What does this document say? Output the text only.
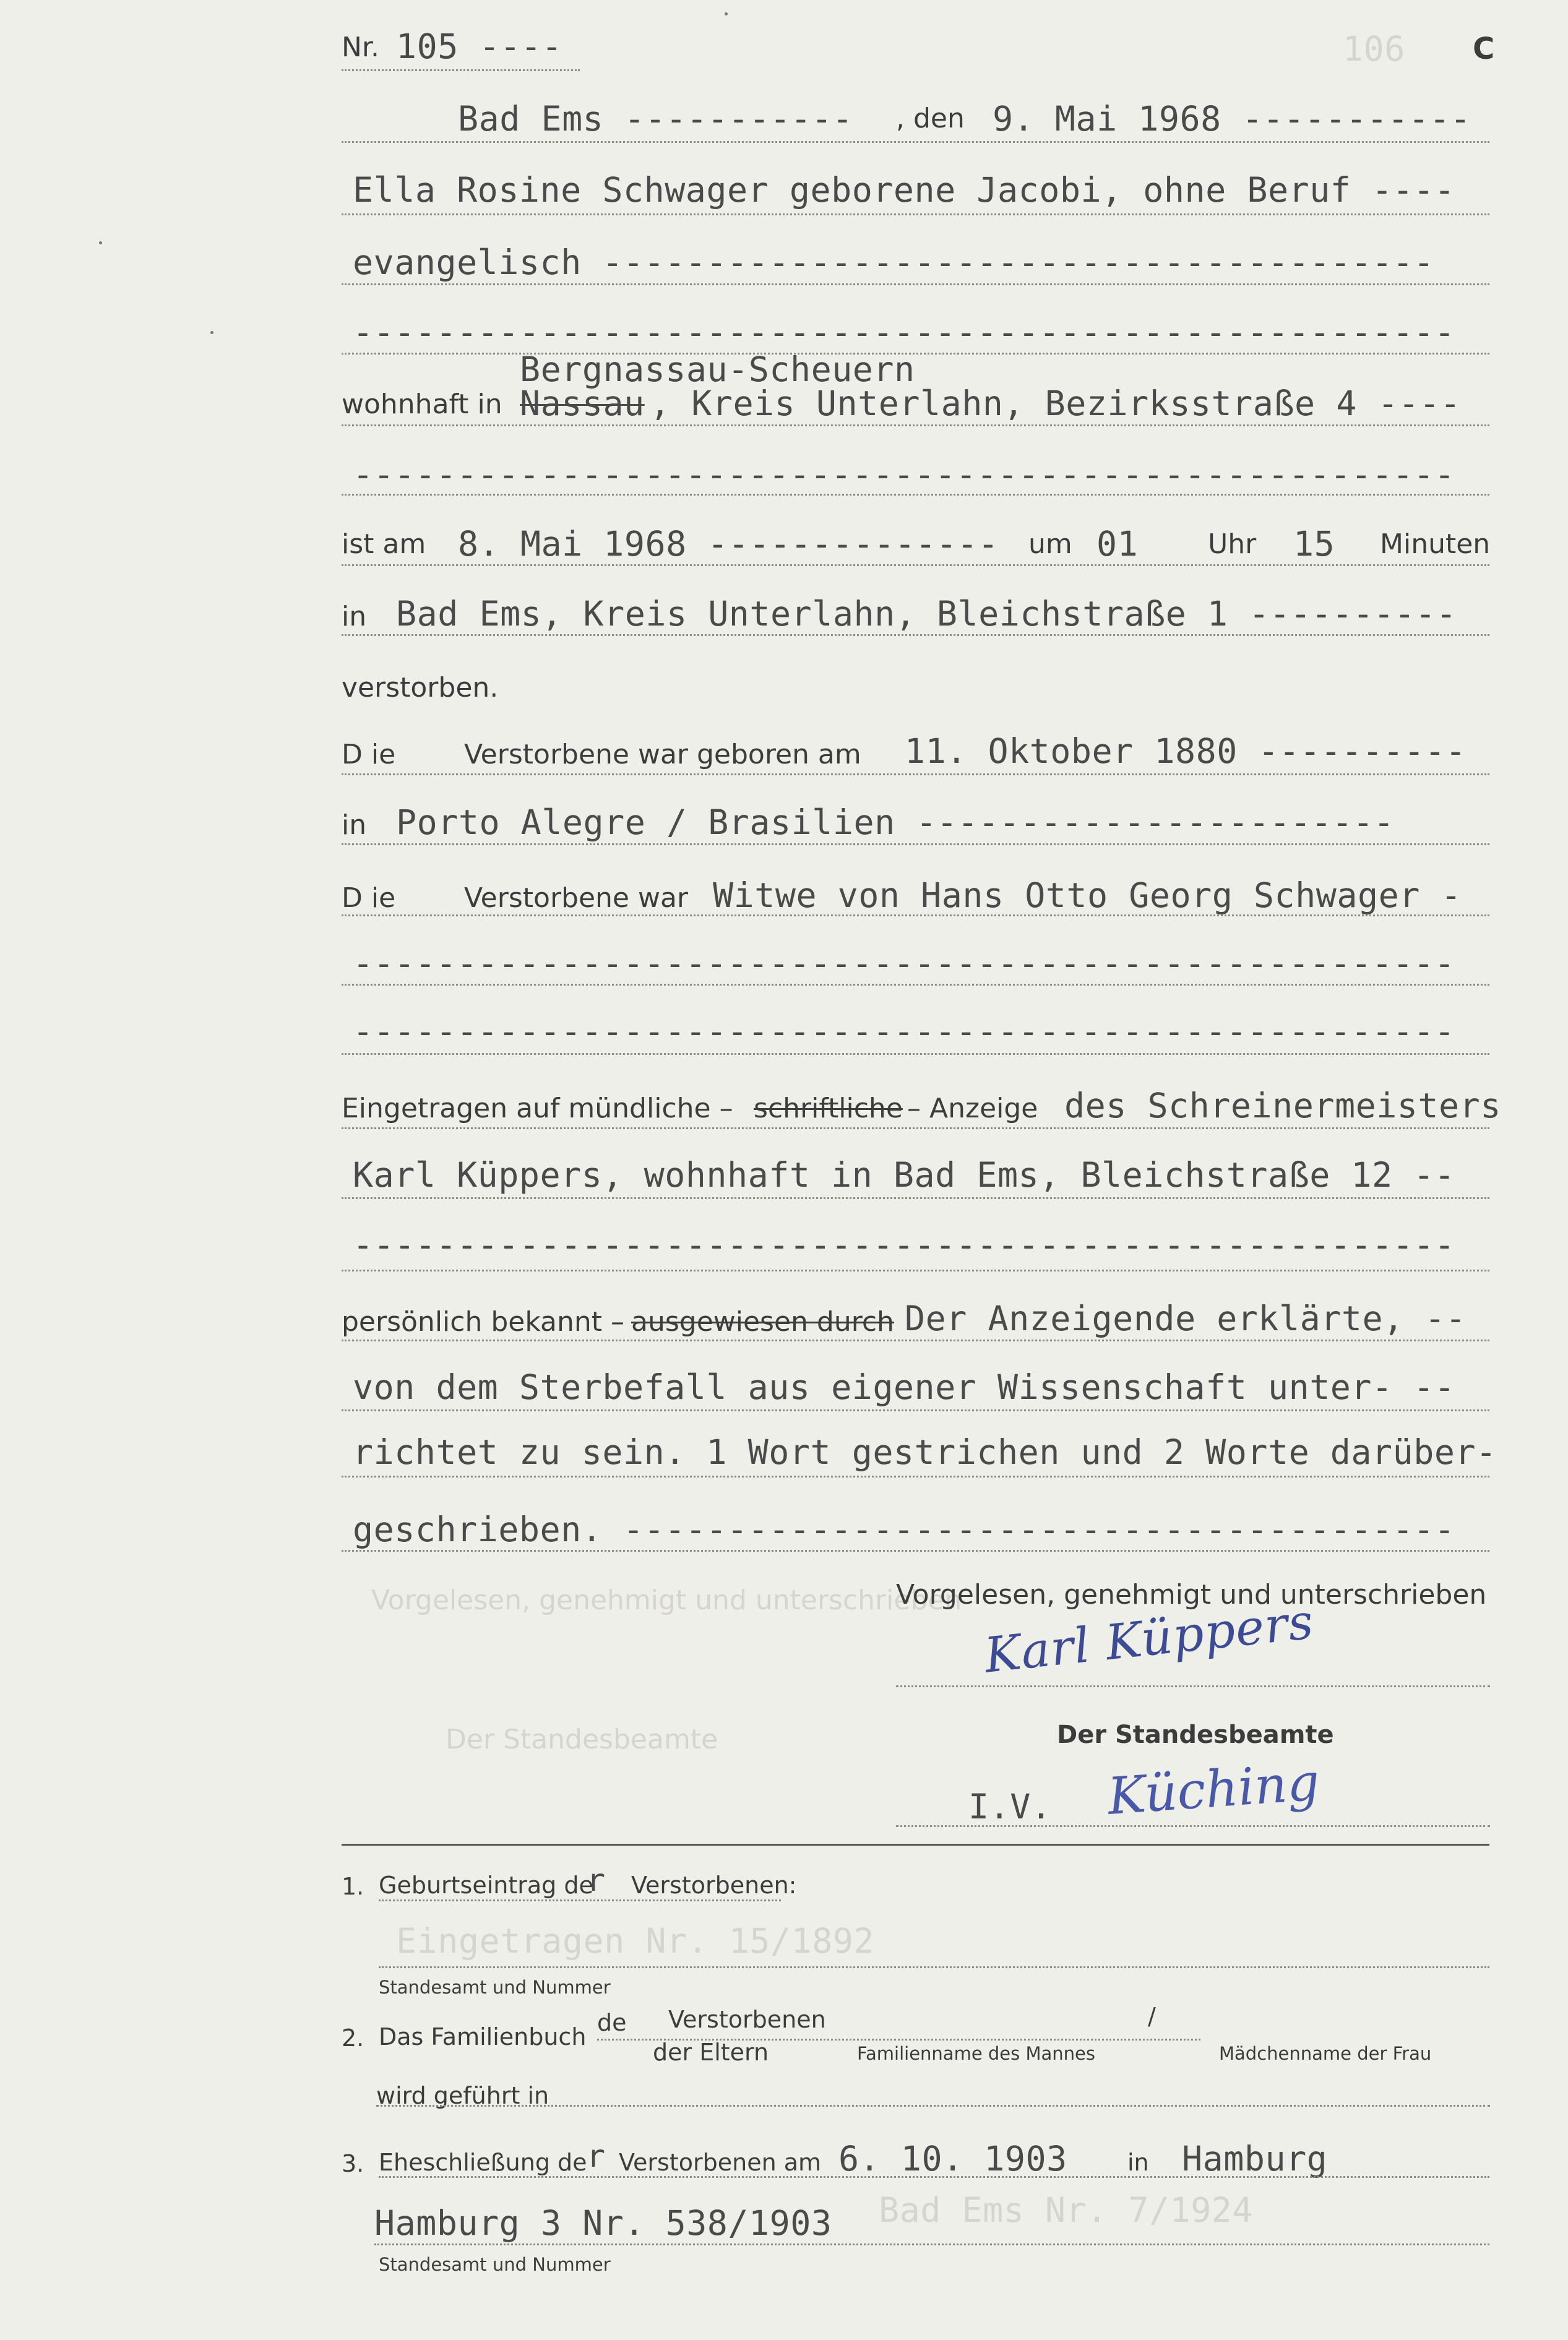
106
Vorgelesen, genehmigt und unterschrieben
Der Standesbeamte
Eingetragen Nr. 15/1892
Bad Ems Nr. 7/1924
C
Nr. 105 ----
Bad Ems ----------- , den 9. Mai 1968 -----------
Ella Rosine Schwager geborene Jacobi, ohne Beruf ----
evangelisch ----------------------------------------
-----------------------------------------------------
Bergnassau-Scheuern
wohnhaft in Nassau , Kreis Unterlahn, Bezirksstraße 4 ----
-----------------------------------------------------
ist am 8. Mai 1968 -------------- um 01	Uhr 15 Minuten
in Bad Ems, Kreis Unterlahn, Bleichstraße 1 ----------
verstorben.
D ie	Verstorbene war geboren am 11. Oktober 1880 ----------
in Porto Alegre / Brasilien -----------------------
D ie	Verstorbene war Witwe von Hans Otto Georg Schwager -
-----------------------------------------------------
-----------------------------------------------------
Eingetragen auf mündliche – schriftliche – Anzeige des Schreinermeisters
Karl Küppers, wohnhaft in Bad Ems, Bleichstraße 12 --
-----------------------------------------------------
persönlich bekannt – ausgewiesen durch Der Anzeigende erklärte, --
von dem Sterbefall aus eigener Wissenschaft unter- --
richtet zu sein. 1 Wort gestrichen und 2 Worte darüber-
geschrieben. ----------------------------------------
Vorgelesen, genehmigt und unterschrieben
Karl Küppers
Der Standesbeamte
I.V. Küching
1. Geburtseintrag de
r Verstorbenen:
Standesamt und Nummer
2. Das Familienbuch
de Verstorbenen
der Eltern
/
Familienname des Mannes	Mädchenname der Frau
wird geführt in
3. Eheschließung de r Verstorbenen am 6. 10. 1903	in Hamburg
Hamburg 3 Nr. 538/1903
Standesamt und Nummer
